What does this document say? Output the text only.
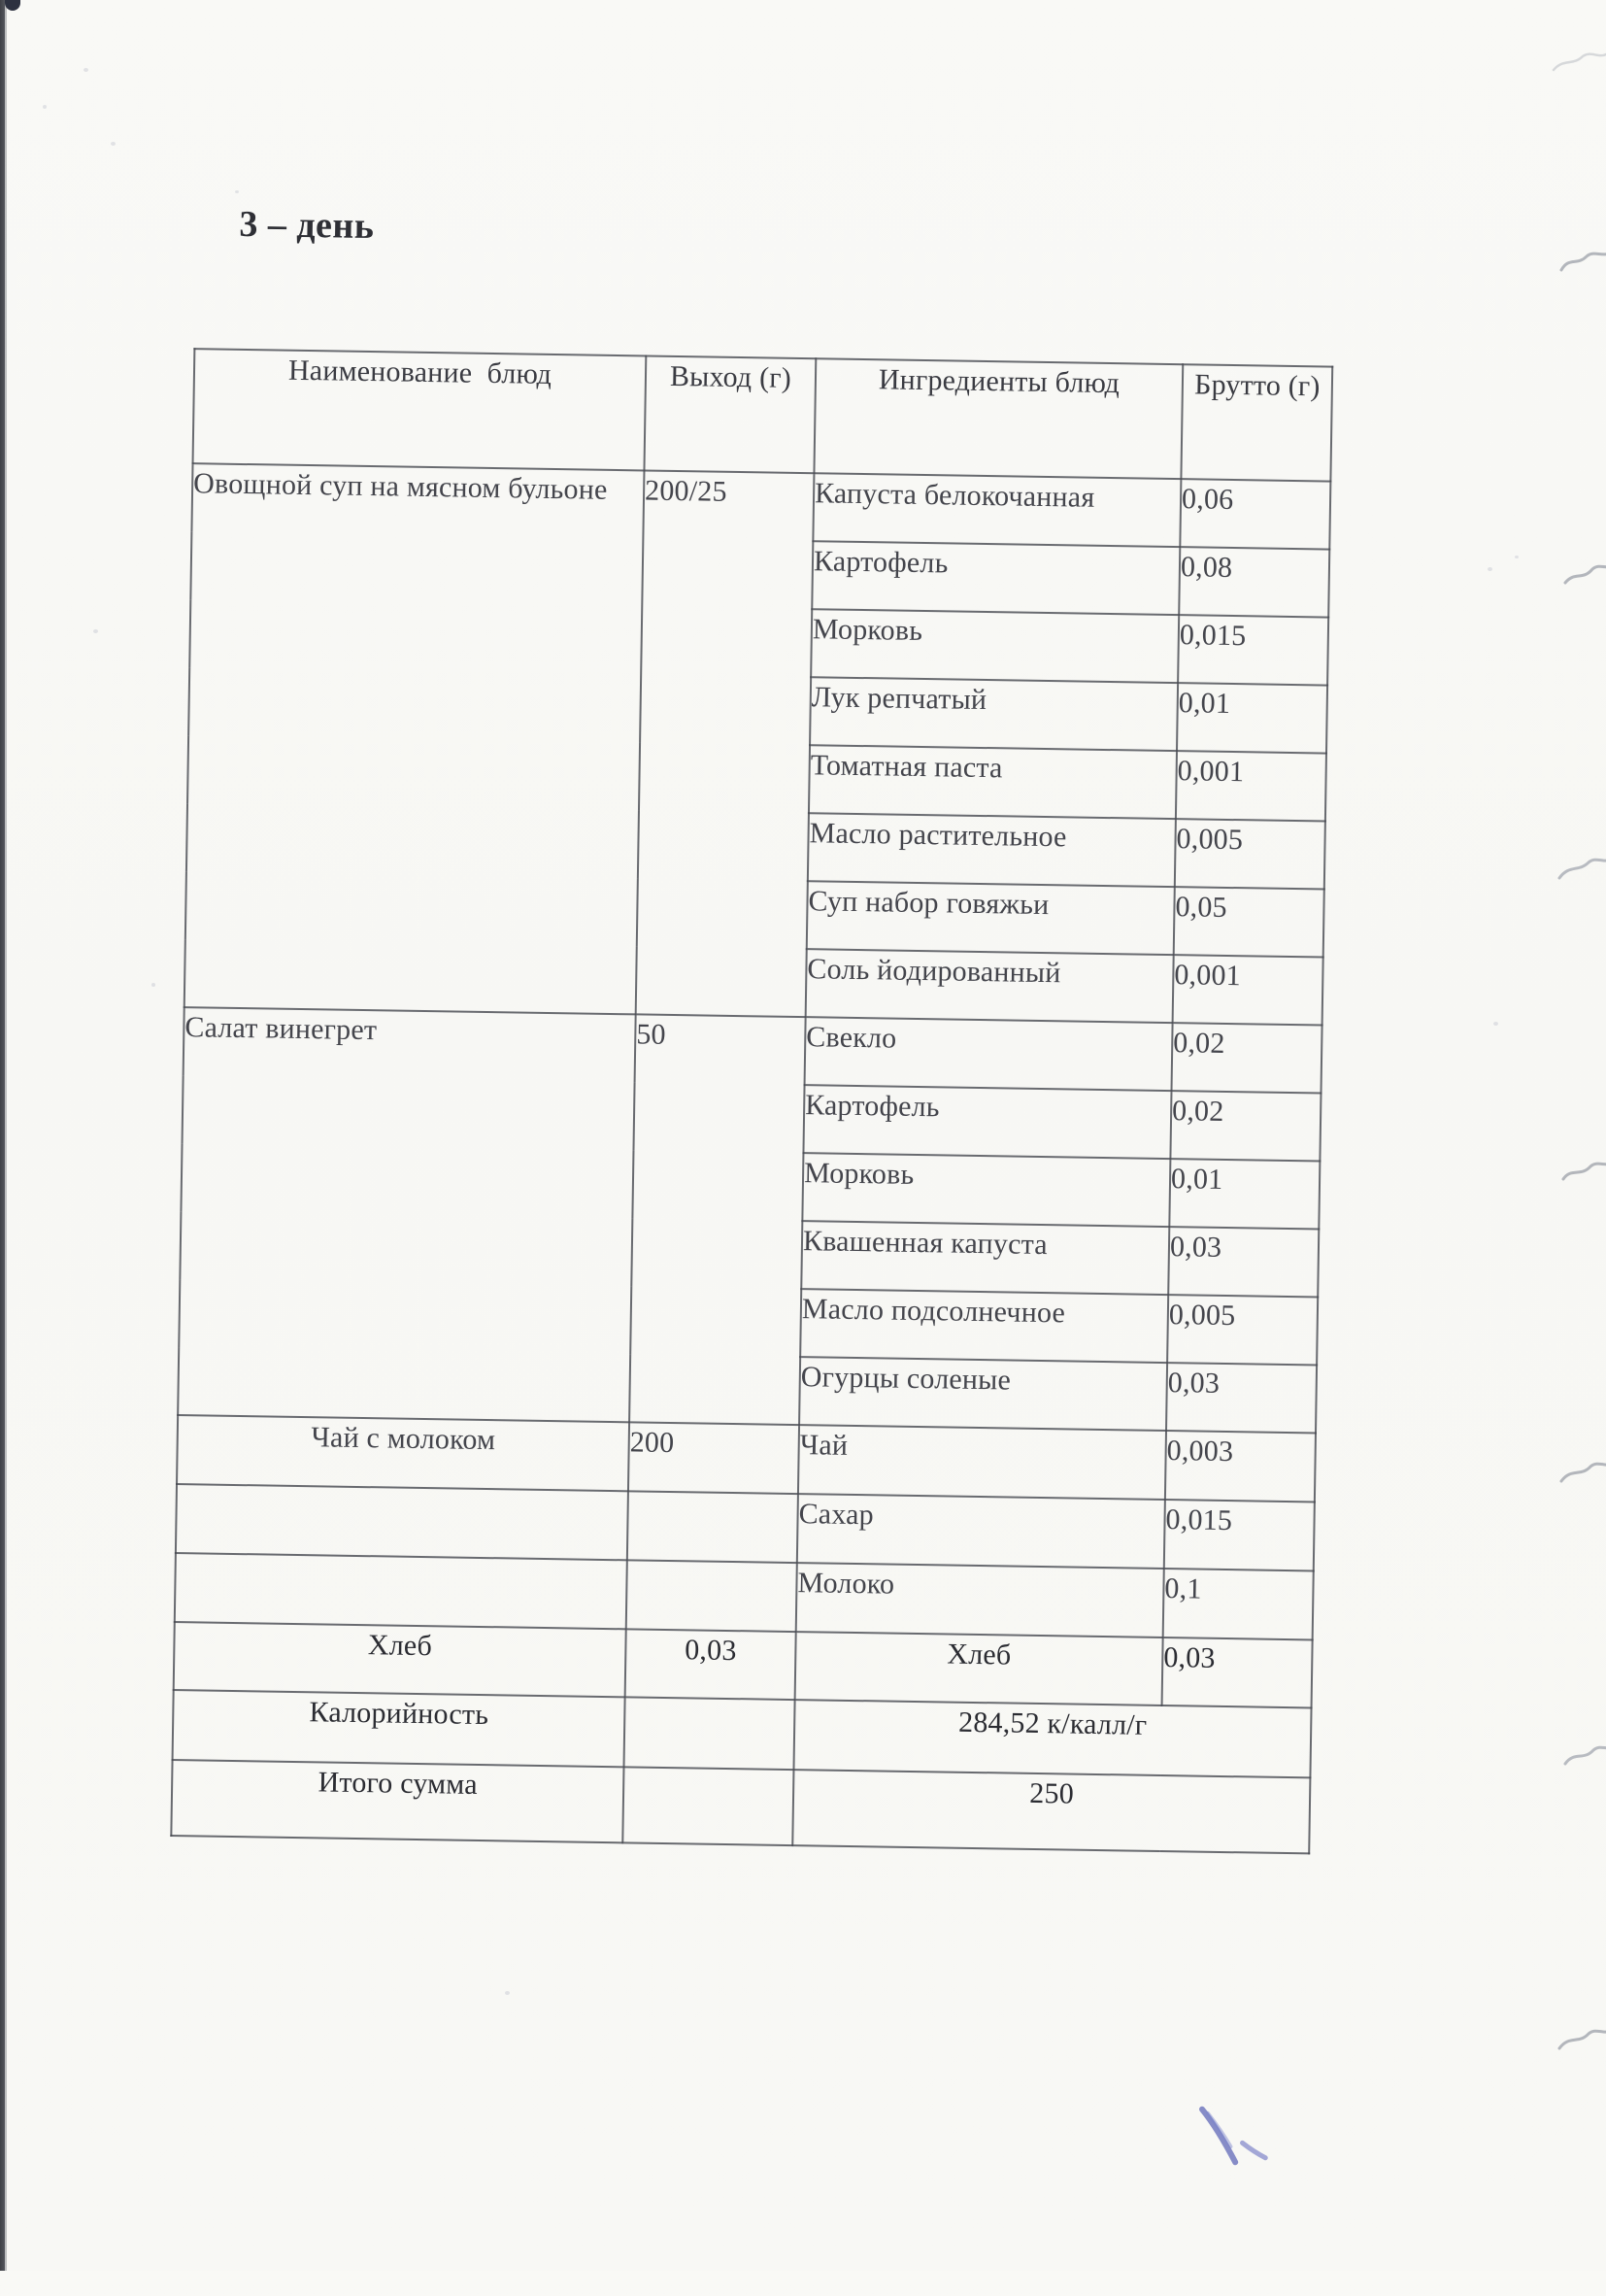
3 – день
Наименование  блюд	Выход (г)	Ингредиенты блюд	Брутто (г)
Овощной суп на мясном бульоне	200/25	Капуста белокочанная	0,06
		Картофель	0,08
		Морковь	0,015
		Лук репчатый	0,01
		Томатная паста	0,001
		Масло растительное	0,005
		Суп набор говяжьи	0,05
		Соль йодированный	0,001
Салат винегрет	50	Свекло	0,02
		Картофель	0,02
		Морковь	0,01
		Квашенная капуста	0,03
		Масло подсолнечное	0,005
		Огурцы соленые	0,03
Чай с молоком	200	Чай	0,003
		Сахар	0,015
		Молоко	0,1
Хлеб	0,03	Хлеб	0,03
Калорийность		284,52 к/калл/г	
Итого сумма		250	
